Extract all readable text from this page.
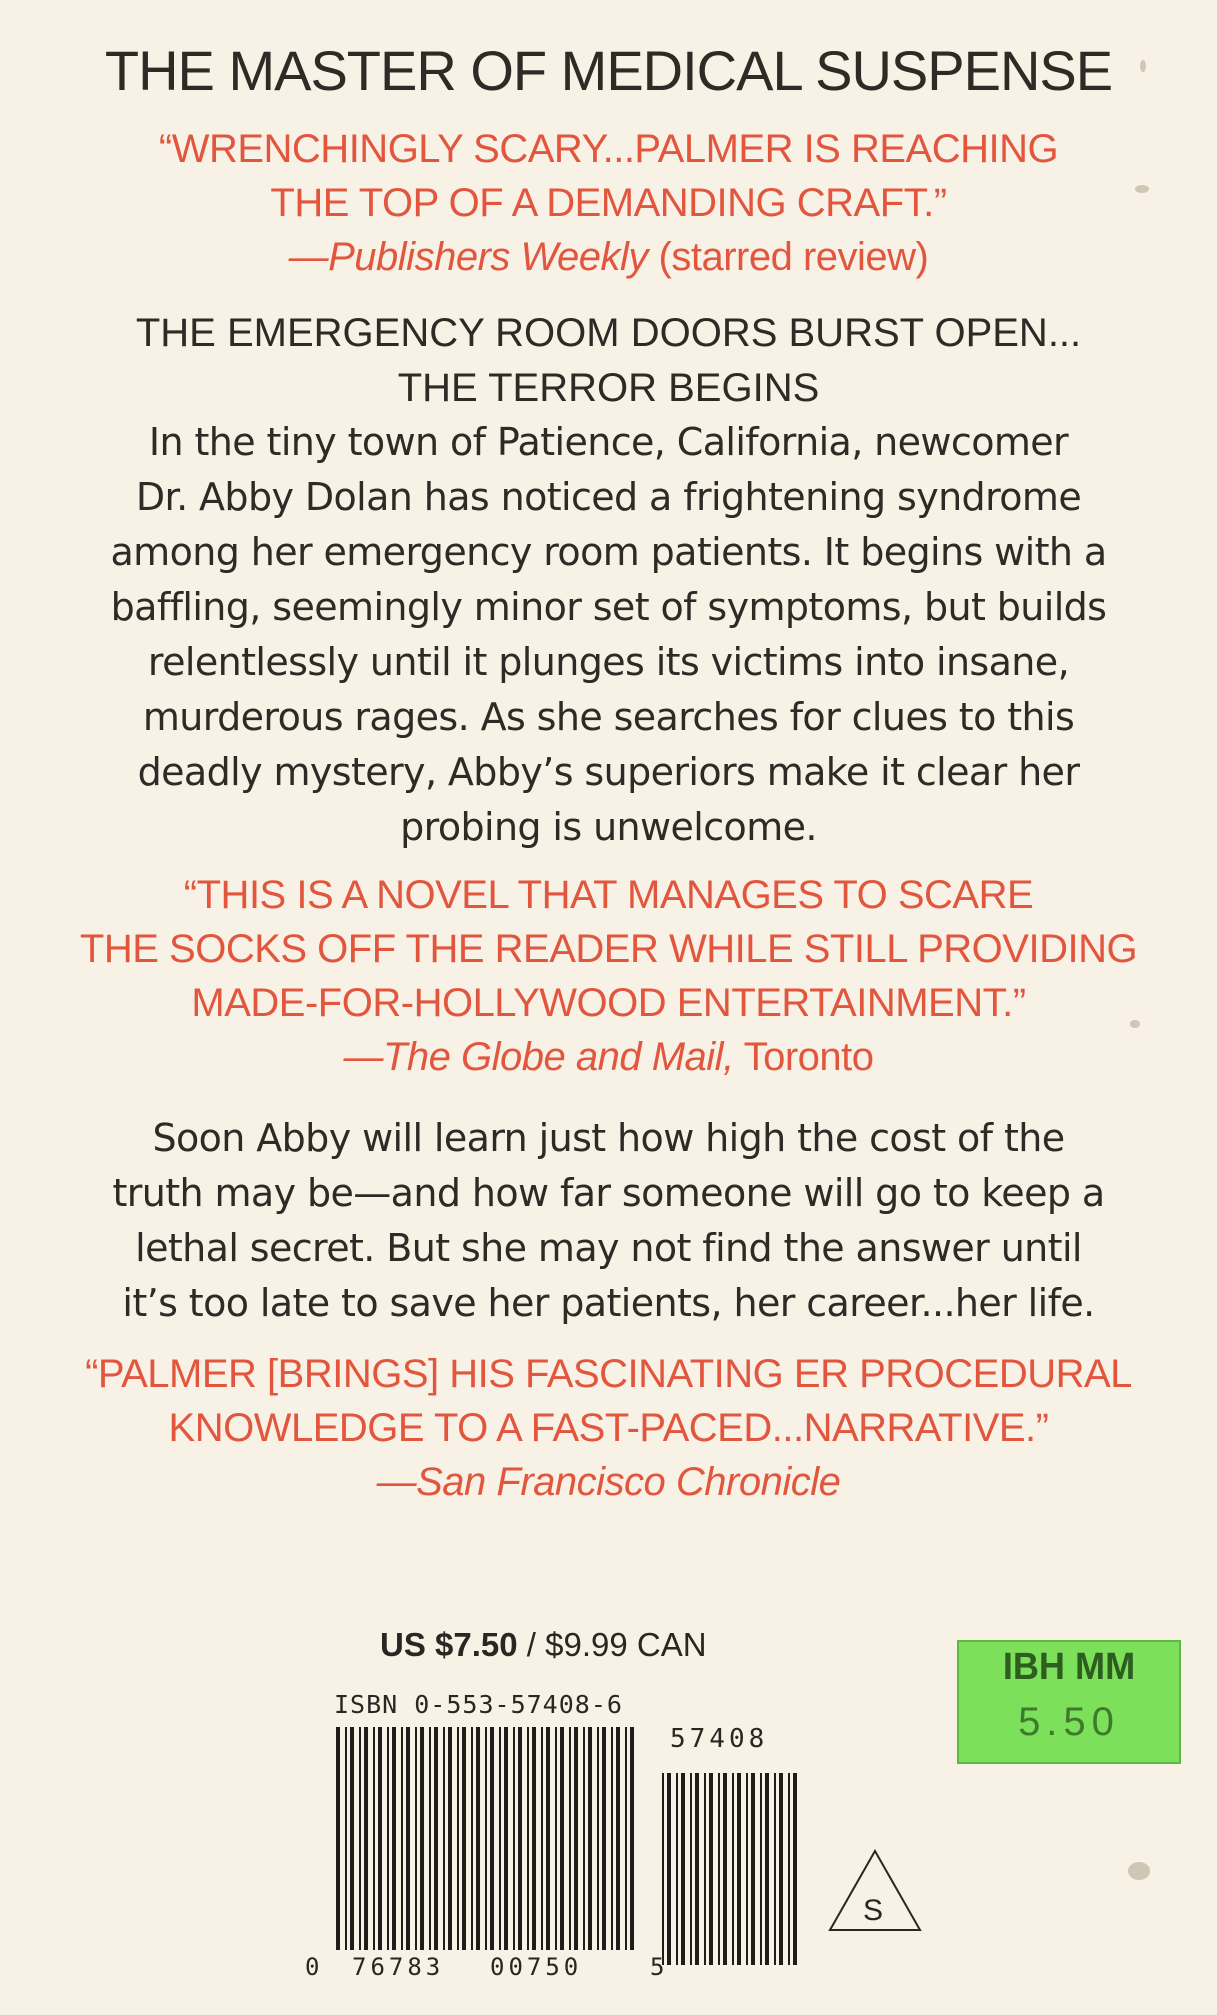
THE MASTER OF MEDICAL SUSPENSE
“WRENCHINGLY SCARY...PALMER IS REACHING
THE TOP OF A DEMANDING CRAFT.”
—Publishers Weekly (starred review)
THE EMERGENCY ROOM DOORS BURST OPEN...
THE TERROR BEGINS
In the tiny town of Patience, California, newcomer
Dr. Abby Dolan has noticed a frightening syndrome
among her emergency room patients. It begins with a
baffling, seemingly minor set of symptoms, but builds
relentlessly until it plunges its victims into insane,
murderous rages. As she searches for clues to this
deadly mystery, Abby’s superiors make it clear her
probing is unwelcome.
“THIS IS A NOVEL THAT MANAGES TO SCARE
THE SOCKS OFF THE READER WHILE STILL PROVIDING
MADE-FOR-HOLLYWOOD ENTERTAINMENT.”
—The Globe and Mail, Toronto
Soon Abby will learn just how high the cost of the
truth may be—and how far someone will go to keep a
lethal secret. But she may not find the answer until
it’s too late to save her patients, her career...her life.
“PALMER [BRINGS] HIS FASCINATING ER PROCEDURAL
KNOWLEDGE TO A FAST-PACED...NARRATIVE.”
—San Francisco Chronicle
US $7.50 / $9.99 CAN
ISBN 0-553-57408-6
0 76783 00750	5
57408
S
IBH MM
5.50
